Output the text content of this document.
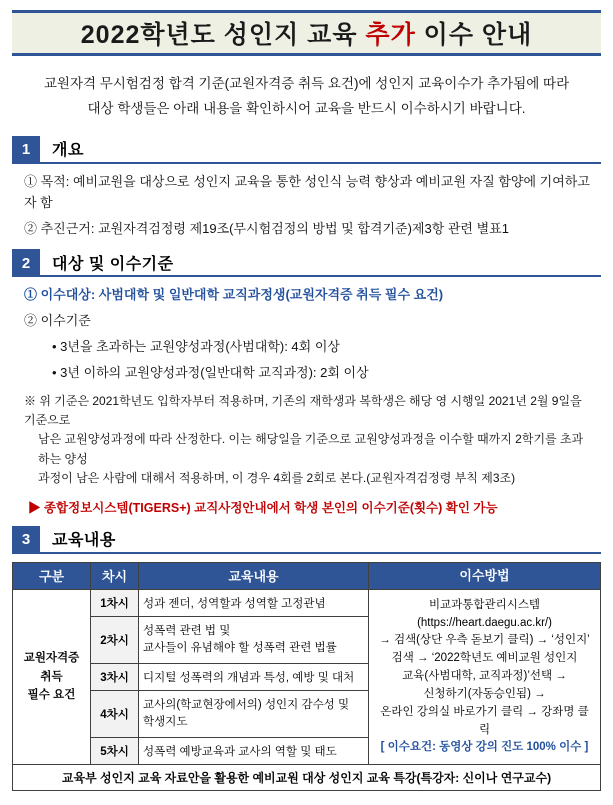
2022학년도 성인지 교육 추가 이수 안내
교원자격 무시험검정 합격 기준(교원자격증 취득 요건)에 성인지 교육이수가 추가됨에 따라
대상 학생들은 아래 내용을 확인하시어 교육을 반드시 이수하시기 바랍니다.
1	개요
① 목적: 예비교원을 대상으로 성인지 교육을 통한 성인식 능력 향상과 예비교원 자질 함양에 기여하고자 함
② 추진근거: 교원자격검정령 제19조(무시험검정의 방법 및 합격기준)제3항 관련 별표1
2	대상 및 이수기준
① 이수대상: 사범대학 및 일반대학 교직과정생(교원자격증 취득 필수 요건)
② 이수기준
• 3년을 초과하는 교원양성과정(사범대학): 4회 이상
• 3년 이하의 교원양성과정(일반대학 교직과정): 2회 이상
※ 위 기준은 2021학년도 입학자부터 적용하며, 기존의 재학생과 복학생은 해당 영 시행일 2021년 2월 9일을 기준으로
남은 교원양성과정에 따라 산정한다. 이는 해당일을 기준으로 교원양성과정을 이수할 때까지 2학기를 초과하는 양성
과정이 남은 사람에 대해서 적용하며, 이 경우 4회를 2회로 본다.(교원자격검정령 부칙 제3조)
▶ 종합정보시스템(TIGERS+) 교직사정안내에서 학생 본인의 이수기준(횟수) 확인 가능
3	교육내용
구분	차시	교육내용	이수방법

교원자격증
취득
필수 요건
	1차시	성과 젠더, 성역할과 성역할 고정관념	비교과통합관리시스템(https://heart.daegu.ac.kr/)
→ 검색(상단 우측 돋보기 클릭) → ‘성인지’
검색 → ‘2022학년도 예비교원 성인지
교육(사범대학, 교직과정)’선택 →
신청하기(자동승인됨) →
온라인 강의실 바로가기 클릭 → 강좌명 클릭
[ 이수요건: 동영상 강의 진도 100% 이수 ]

	2차시	성폭력 관련 법 및
교사들이 유념해야 할 성폭력 관련 법률	

	3차시	디지털 성폭력의 개념과 특성, 예방 및 대처	
	4차시	교사의(학교현장에서의) 성인지 감수성 및
학생지도	

	5차시	성폭력 예방교육과 교사의 역할 및 태도	
교육부 성인지 교육 자료안을 활용한 예비교원 대상 성인지 교육 특강(특강자: 신이나 연구교수)			
